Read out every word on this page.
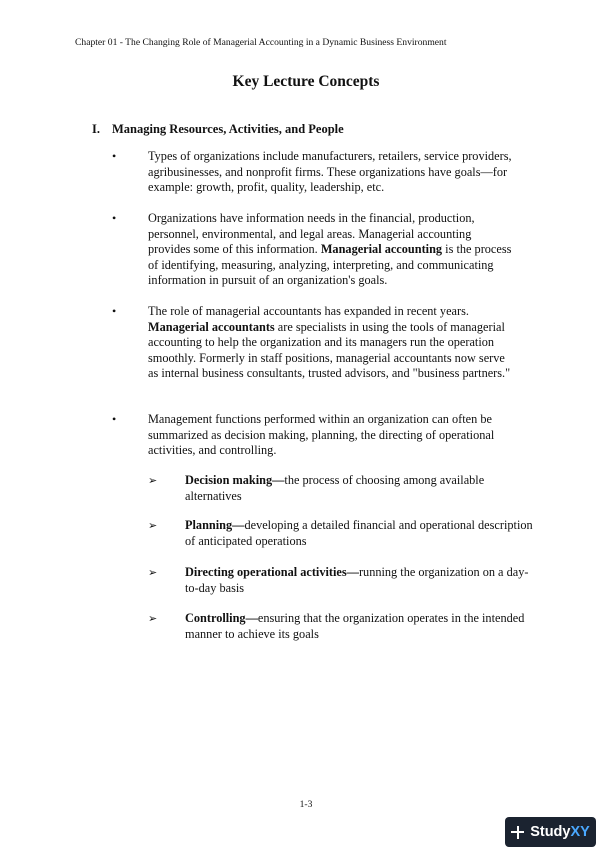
Chapter 01 - The Changing Role of Managerial Accounting in a Dynamic Business Environment
Key Lecture Concepts
I. Managing Resources, Activities, and People
•	Types of organizations include manufacturers, retailers, service providers, agribusinesses, and nonprofit firms. These organizations have goals—for example: growth, profit, quality, leadership, etc.
•	Organizations have information needs in the financial, production, personnel, environmental, and legal areas. Managerial accounting provides some of this information. Managerial accounting is the process of identifying, measuring, analyzing, interpreting, and communicating information in pursuit of an organization's goals.
•	The role of managerial accountants has expanded in recent years. Managerial accountants are specialists in using the tools of managerial accounting to help the organization and its managers run the operation smoothly. Formerly in staff positions, managerial accountants now serve as internal business consultants, trusted advisors, and "business partners."
•	Management functions performed within an organization can often be summarized as decision making, planning, the directing of operational activities, and controlling.
➢ Decision making—the process of choosing among available alternatives
➢ Planning—developing a detailed financial and operational description of anticipated operations
➢ Directing operational activities—running the organization on a day-to-day basis
➢ Controlling—ensuring that the organization operates in the intended manner to achieve its goals
1-3
Study XY
